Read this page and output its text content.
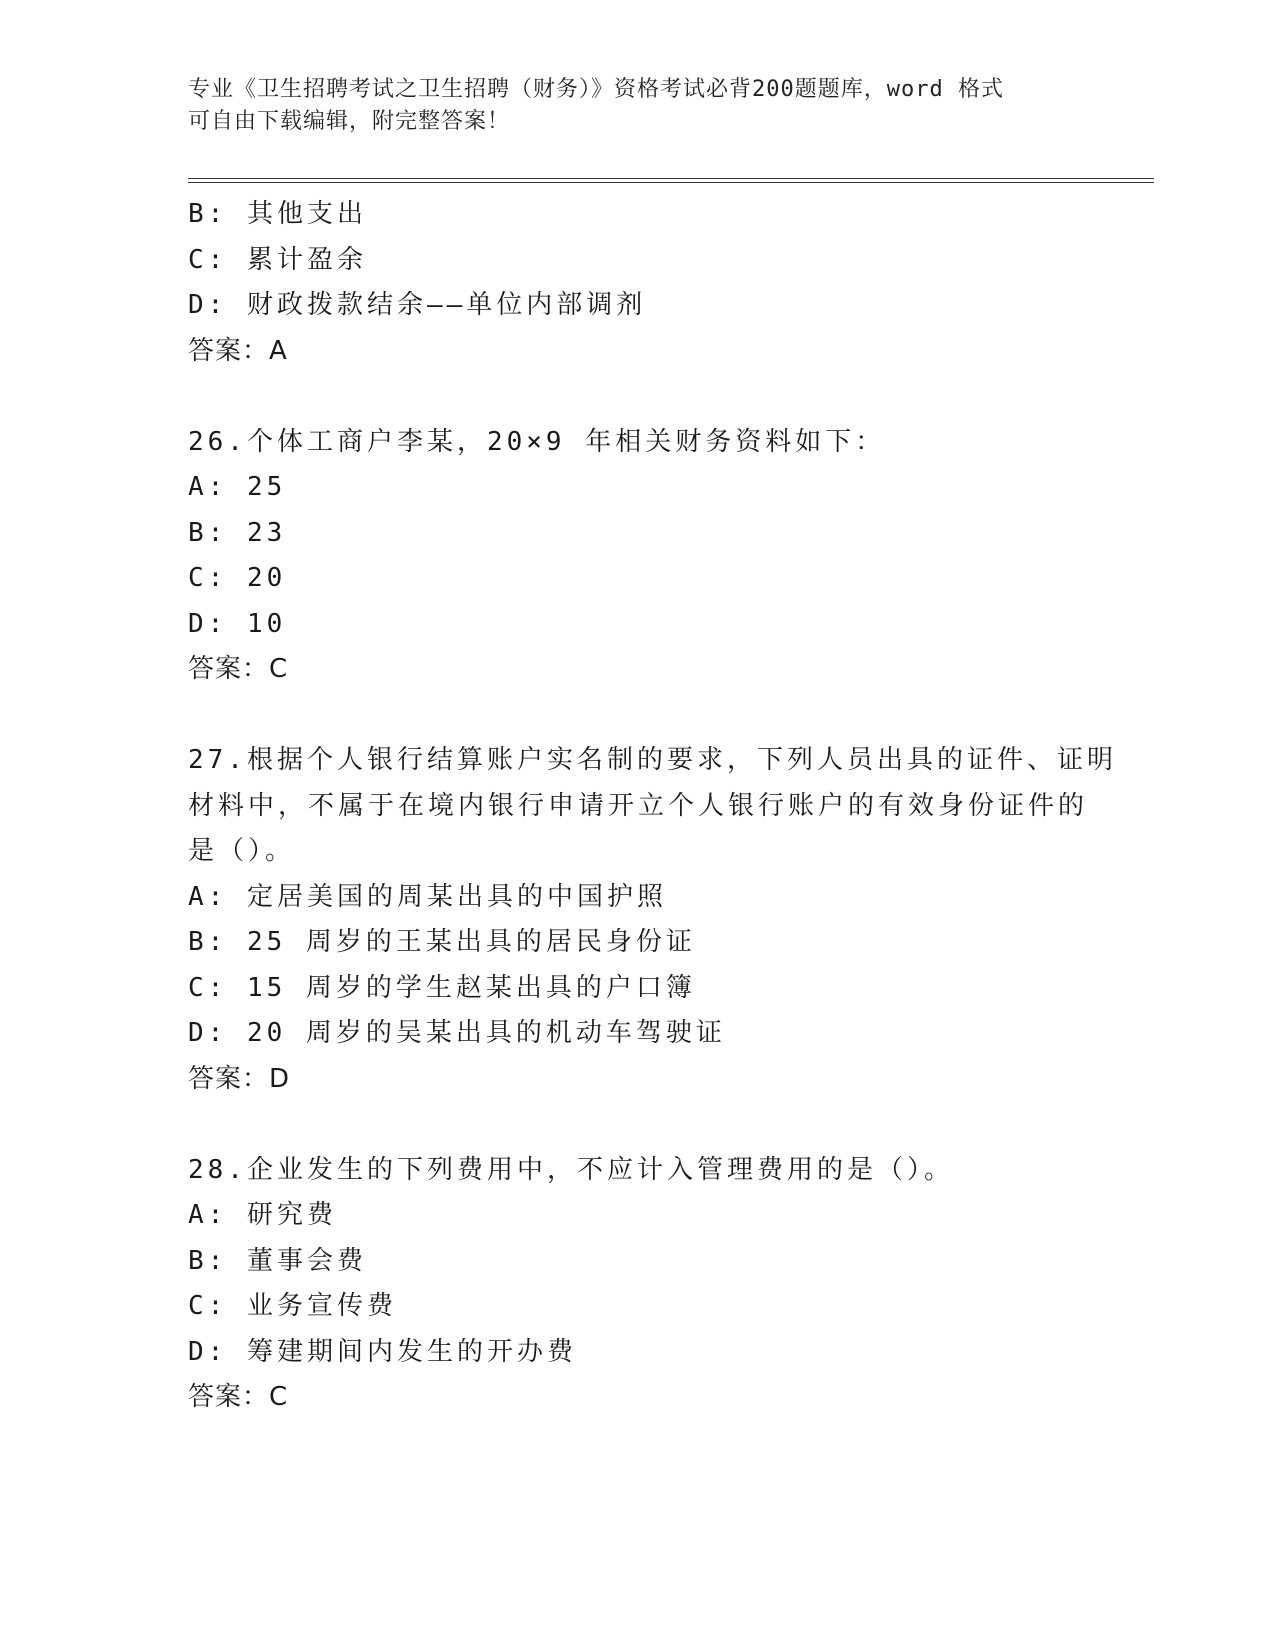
专业《卫生招聘考试之卫生招聘（财务）》资格考试必背200题题库，word 格式
可自由下载编辑，附完整答案！
B: 其他支出
C: 累计盈余
D: 财政拨款结余——单位内部调剂
答案：A
26.个体工商户李某，20×9 年相关财务资料如下：
A: 25
B: 23
C: 20
D: 10
答案：C
27.根据个人银行结算账户实名制的要求，下列人员出具的证件、证明
材料中，不属于在境内银行申请开立个人银行账户的有效身份证件的
是（）。
A: 定居美国的周某出具的中国护照
B: 25 周岁的王某出具的居民身份证
C: 15 周岁的学生赵某出具的户口簿
D: 20 周岁的吴某出具的机动车驾驶证
答案：D
28.企业发生的下列费用中，不应计入管理费用的是（）。
A: 研究费
B: 董事会费
C: 业务宣传费
D: 筹建期间内发生的开办费
答案：C
